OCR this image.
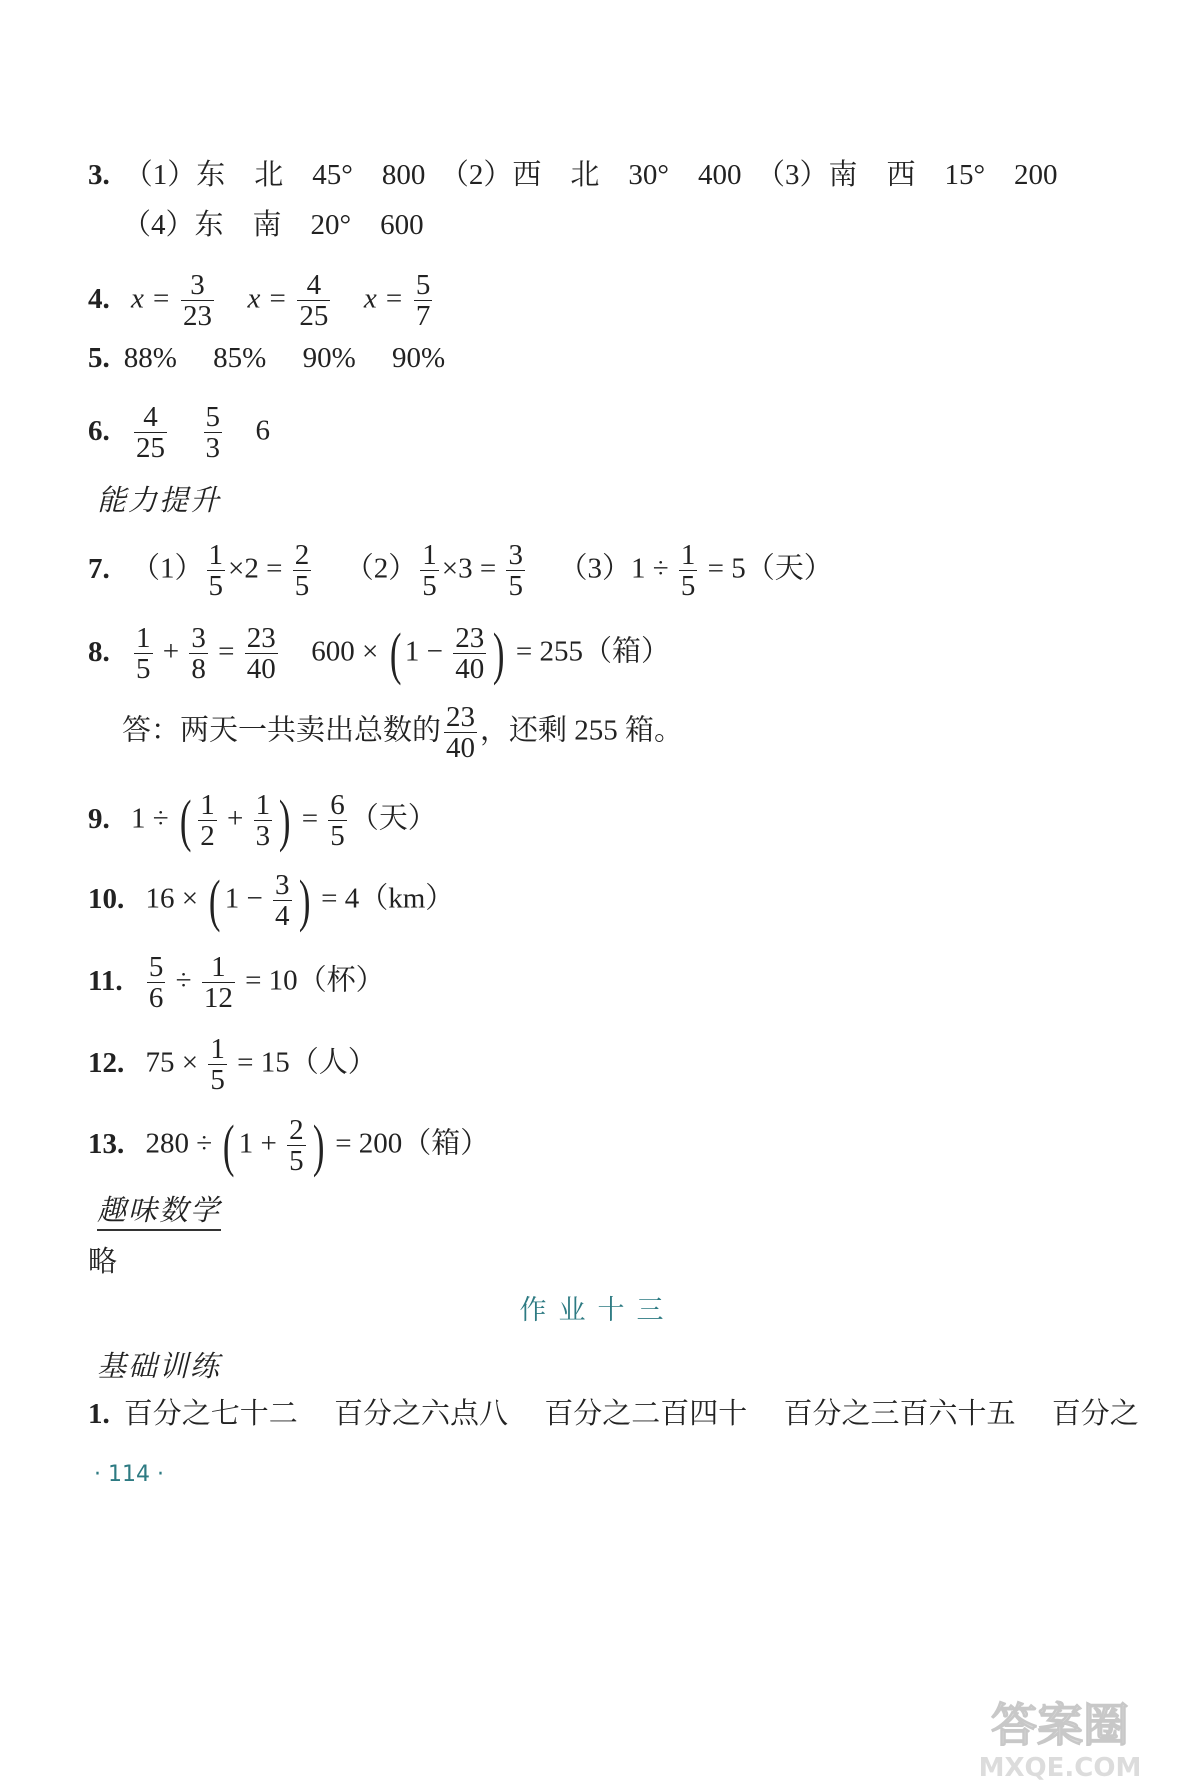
3. （1）东　北　45°　800　（2）西　北　30°　400　（3）南　西　15°　200
（4）东　南　20°　600
4. $x = \frac{3}{23}$ $x = \frac{4}{25}$ $x = \frac{5}{7}$
5. 88%　 85%　 90%　 90%
6. $\frac{4}{25}$
$\frac{5}{3} 6$
能力提升
7. $(1) \frac{1}{5} \times 2 = \frac{2}{5} (2) \frac{1}{5} \times 3 = \frac{3}{5} (3)1 \div \frac{1}{5} = 5$（天）
8. $\frac{1}{5} + \frac{3}{8} = \frac{23}{40} 600$ × ( $1 - \frac{23}{40}$ ) = 255（箱）
答：两天一共卖出总数的 $\frac{23}{40}$ ，还剩 255 箱。
9. 1 ÷ ( $\frac{1}{2} + \frac{1}{3}$ ) = $\frac{6}{5}$ （天）
10. 16 × ( $1 - \frac{3}{4}$ ) = 4（km）
11. $\frac{5}{6} \div \frac{1}{12} = 10$（杯）
12. $75 \times \frac{1}{5} = 15$（人）
13. 280 ÷ ( $1 + \frac{2}{5}$ ) = 200（箱）
趣味数学
略
作业十三
基础训练
1. 百分之七十二　 百分之六点八　 百分之二百四十　 百分之三百六十五　 百分之
· 114 ·
答案圈
MXQE.COM
